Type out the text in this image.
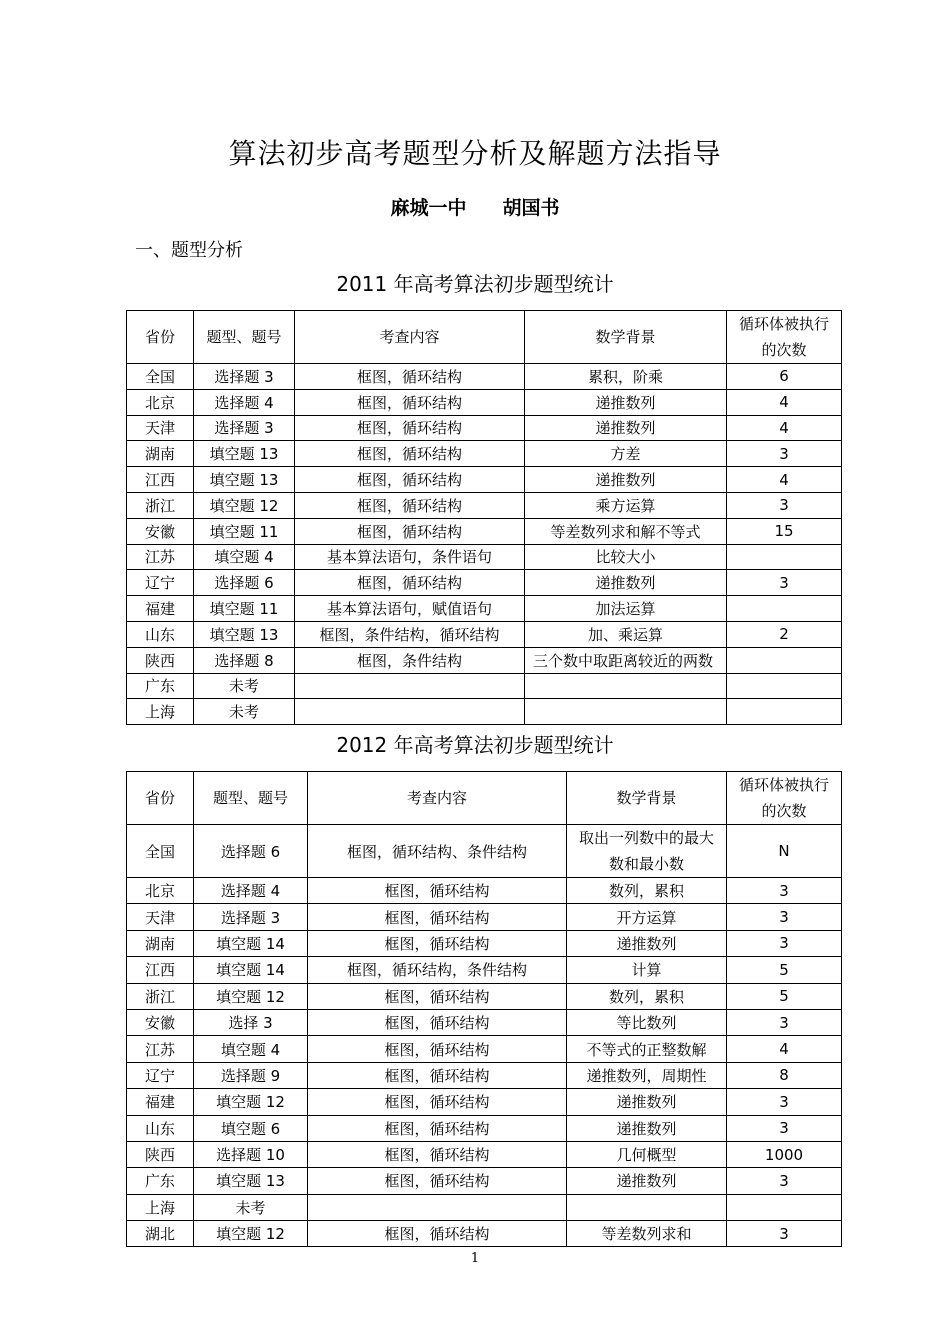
算法初步高考题型分析及解题方法指导
麻城一中 胡国书
一、题型分析
2011 年高考算法初步题型统计
省份	题型、题号	考查内容	数学背景	循环体被执行的次数
全国	选择题 3	框图，循环结构	累积，阶乘	6
北京	选择题 4	框图，循环结构	递推数列	4
天津	选择题 3	框图，循环结构	递推数列	4
湖南	填空题 13	框图，循环结构	方差	3
江西	填空题 13	框图，循环结构	递推数列	4
浙江	填空题 12	框图，循环结构	乘方运算	3
安徽	填空题 11	框图，循环结构	等差数列求和解不等式	15
江苏	填空题 4	基本算法语句，条件语句	比较大小	
辽宁	选择题 6	框图，循环结构	递推数列	3
福建	填空题 11	基本算法语句，赋值语句	加法运算	
山东	填空题 13	框图，条件结构，循环结构	加、乘运算	2
陕西	选择题 8	框图，条件结构	三个数中取距离较近的两数	
广东	未考			
上海	未考			
2012 年高考算法初步题型统计
省份	题型、题号	考查内容	数学背景	循环体被执行的次数
全国	选择题 6	框图，循环结构、条件结构	取出一列数中的最大数和最小数	N
北京	选择题 4	框图，循环结构	数列，累积	3
天津	选择题 3	框图，循环结构	开方运算	3
湖南	填空题 14	框图，循环结构	递推数列	3
江西	填空题 14	框图，循环结构，条件结构	计算	5
浙江	填空题 12	框图，循环结构	数列，累积	5
安徽	选择 3	框图，循环结构	等比数列	3
江苏	填空题 4	框图，循环结构	不等式的正整数解	4
辽宁	选择题 9	框图，循环结构	递推数列，周期性	8
福建	填空题 12	框图，循环结构	递推数列	3
山东	填空题 6	框图，循环结构	递推数列	3
陕西	选择题 10	框图，循环结构	几何概型	1000
广东	填空题 13	框图，循环结构	递推数列	3
上海	未考			
湖北	填空题 12	框图，循环结构	等差数列求和	3
1
